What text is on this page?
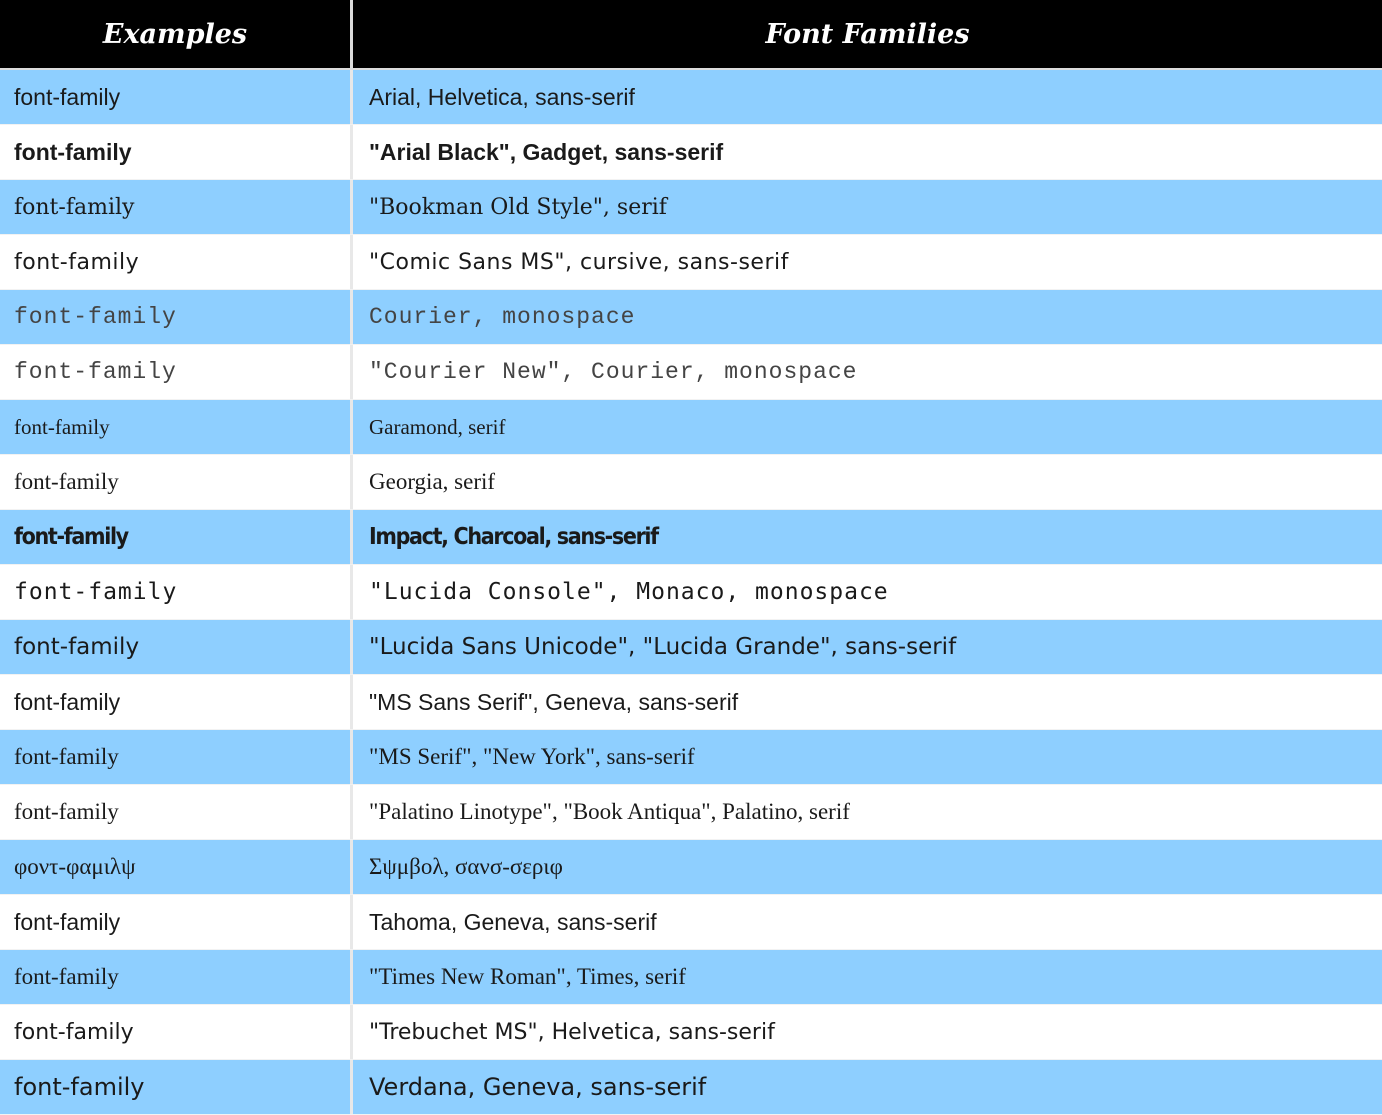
Examples	Font Families
font-family	Arial, Helvetica, sans-serif
font-family	"Arial Black", Gadget, sans-serif
font-family	"Bookman Old Style", serif
font-family	"Comic Sans MS", cursive, sans-serif
font-family	Courier, monospace
font-family	"Courier New", Courier, monospace
font-family	Garamond, serif
font-family	Georgia, serif
font-family	Impact, Charcoal, sans-serif
font-family	"Lucida Console", Monaco, monospace
font-family	"Lucida Sans Unicode", "Lucida Grande", sans-serif
font-family	"MS Sans Serif", Geneva, sans-serif
font-family	"MS Serif", "New York", sans-serif
font-family	"Palatino Linotype", "Book Antiqua", Palatino, serif
φοντ-φαμιλψ	Σψμβολ, σανσ-σεριφ
font-family	Tahoma, Geneva, sans-serif
font-family	"Times New Roman", Times, serif
font-family	"Trebuchet MS", Helvetica, sans-serif
font-family	Verdana, Geneva, sans-serif
